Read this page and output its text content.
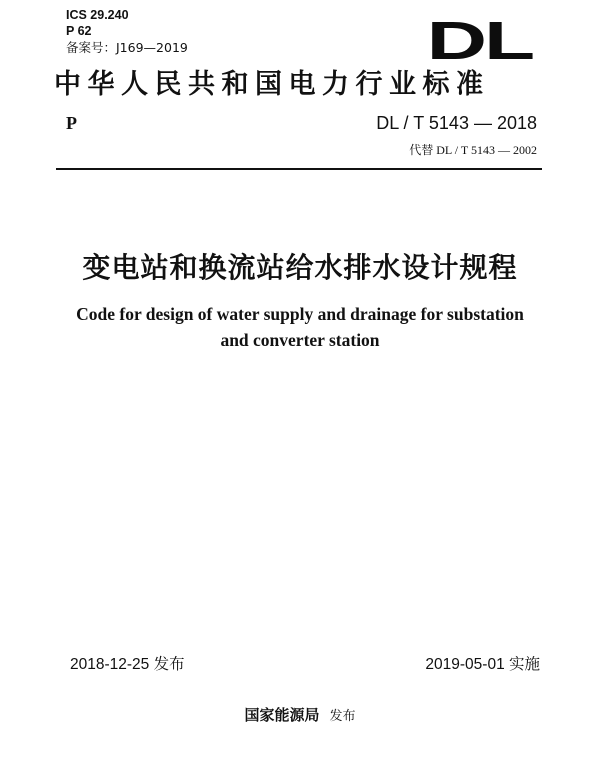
ICS 29.240
P 62
备案号：J169—2019	DL
中华人民共和国电力行业标准
P	DL / T 5143 — 2018
代替 DL / T 5143 — 2002
变电站和换流站给水排水设计规程
Code for design of water supply and drainage for substation
and converter station
2018-12-25 发布	2019-05-01 实施
国家能源局 发布
